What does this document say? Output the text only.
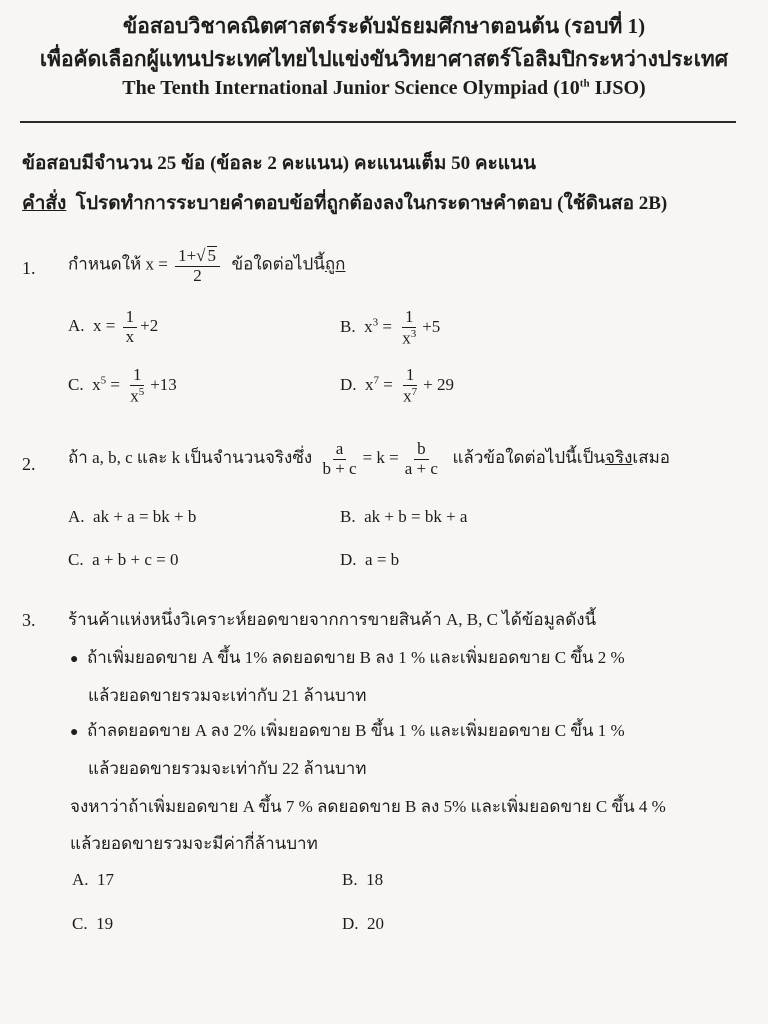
ข้อสอบวิชาคณิตศาสตร์ระดับมัธยมศึกษาตอนต้น (รอบที่ 1)
เพื่อคัดเลือกผู้แทนประเทศไทยไปแข่งขันวิทยาศาสตร์โอลิมปิกระหว่างประเทศ
The Tenth International Junior Science Olympiad (10th IJSO)
ข้อสอบมีจำนวน 25 ข้อ (ข้อละ 2 คะแนน) คะแนนเต็ม 50 คะแนน
คำสั่ง โปรดทำการระบายคำตอบข้อที่ถูกต้องลงในกระดาษคำตอบ (ใช้ดินสอ 2B)
1. กำหนดให้ $x = \frac{1+√ 5}{2}$ ข้อใดต่อไปนี้ถูก
A. $x = \frac{1}{x} +2$	B. $x^3 = \frac{1}{x^3} +5$
C. $x^5 = \frac{1}{x^5} +13$	D. $x^7 = \frac{1}{x^7} + 29$
2. ถ้า a, b, c และ k เป็นจำนวนจริงซึ่ง $\frac{a}{b + c} = k = \frac{b}{a + c}$ แล้วข้อใดต่อไปนี้เป็นจริงเสมอ
A. ak + a = bk + b	B. ak + b = bk + a
C. a + b + c = 0	D. a = b
3. ร้านค้าแห่งหนึ่งวิเคราะห์ยอดขายจากการขายสินค้า A, B, C ได้ข้อมูลดังนี้
● ถ้าเพิ่มยอดขาย A ขึ้น 1% ลดยอดขาย B ลง 1 % และเพิ่มยอดขาย C ขึ้น 2 %
แล้วยอดขายรวมจะเท่ากับ 21 ล้านบาท
● ถ้าลดยอดขาย A ลง 2% เพิ่มยอดขาย B ขึ้น 1 % และเพิ่มยอดขาย C ขึ้น 1 %
แล้วยอดขายรวมจะเท่ากับ 22 ล้านบาท
จงหาว่าถ้าเพิ่มยอดขาย A ขึ้น 7 % ลดยอดขาย B ลง 5% และเพิ่มยอดขาย C ขึ้น 4 %
แล้วยอดขายรวมจะมีค่ากี่ล้านบาท
A. 17	B. 18
C. 19	D. 20
